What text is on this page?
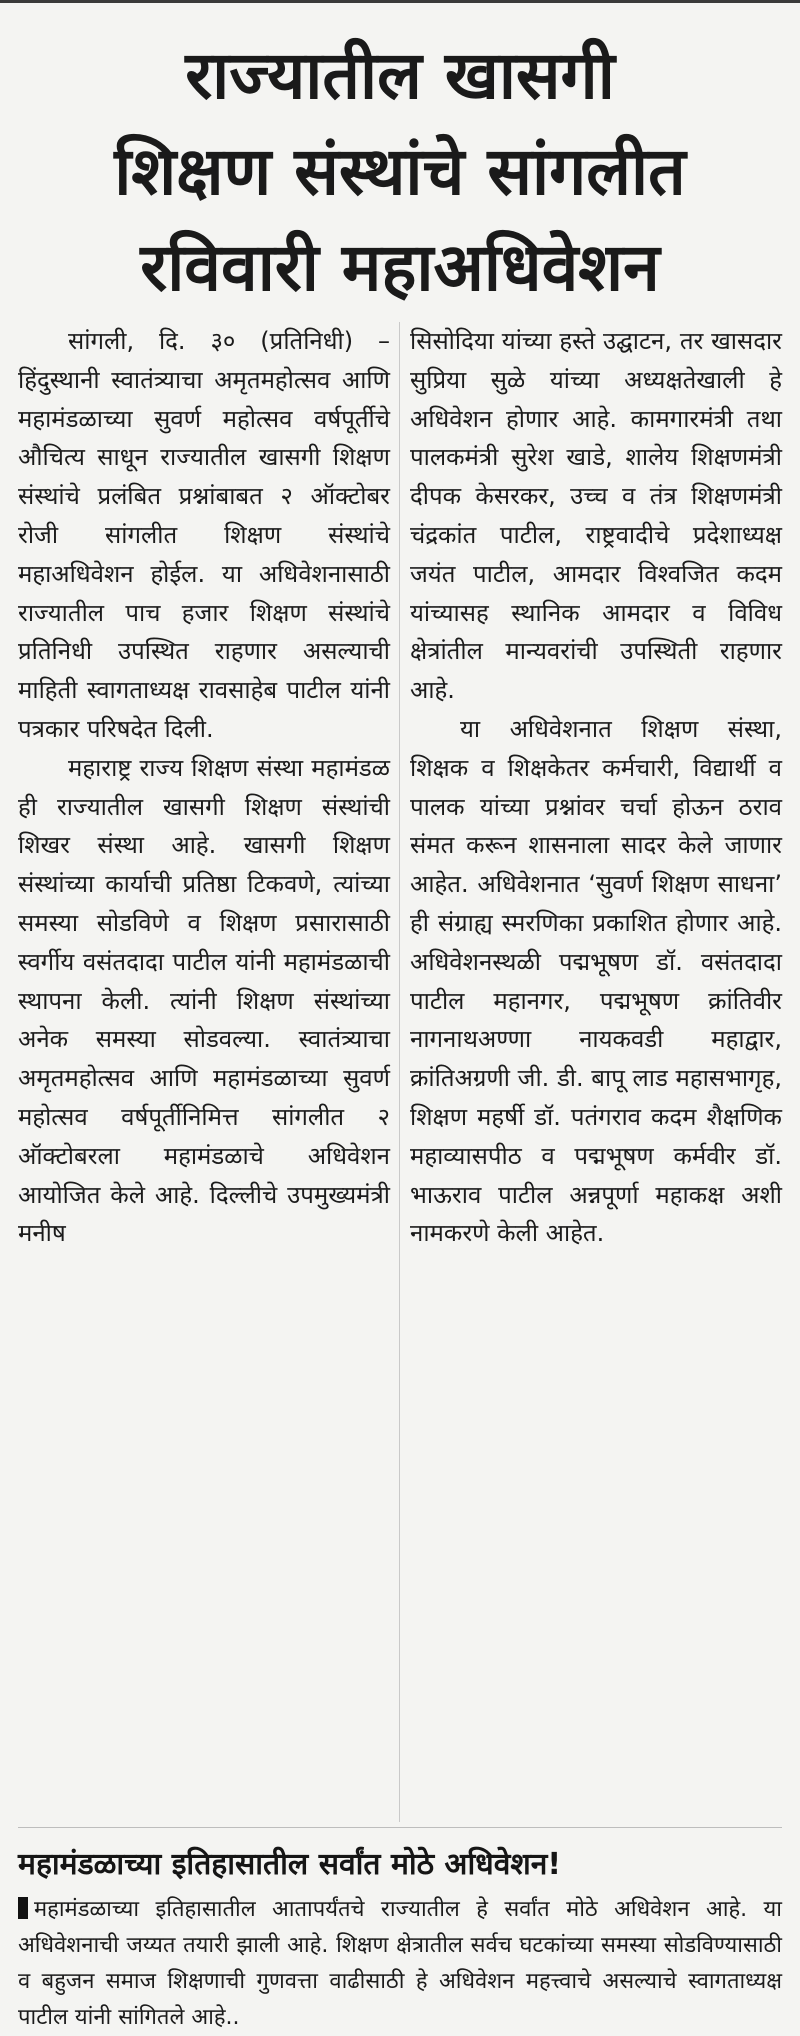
राज्यातील खासगी
शिक्षण संस्थांचे सांगलीत
रविवारी महाअधिवेशन

सांगली, दि. ३० (प्रतिनिधी) – हिंदुस्थानी स्वातंत्र्याचा अमृतमहोत्सव आणि महामंडळाच्या सुवर्ण महोत्सव वर्षपूर्तीचे औचित्य साधून राज्यातील खासगी शिक्षण संस्थांचे प्रलंबित प्रश्नांबाबत २ ऑक्टोबर रोजी सांगलीत शिक्षण संस्थांचे महाअधिवेशन होईल. या अधिवेशनासाठी राज्यातील पाच हजार शिक्षण संस्थांचे प्रतिनिधी उपस्थित राहणार असल्याची माहिती स्वागताध्यक्ष रावसाहेब पाटील यांनी पत्रकार परिषदेत दिली.

महाराष्ट्र राज्य शिक्षण संस्था महामंडळ ही राज्यातील खासगी शिक्षण संस्थांची शिखर संस्था आहे. खासगी शिक्षण संस्थांच्या कार्याची प्रतिष्ठा टिकवणे, त्यांच्या समस्या सोडविणे व शिक्षण प्रसारासाठी स्वर्गीय वसंतदादा पाटील यांनी महामंडळाची स्थापना केली. त्यांनी शिक्षण संस्थांच्या अनेक समस्या सोडवल्या. स्वातंत्र्याचा अमृतमहोत्सव आणि महामंडळाच्या सुवर्ण महोत्सव वर्षपूर्तीनिमित्त सांगलीत २ ऑक्टोबरला महामंडळाचे अधिवेशन आयोजित केले आहे. दिल्लीचे उपमुख्यमंत्री मनीष

सिसोदिया यांच्या हस्ते उद्घाटन, तर खासदार सुप्रिया सुळे यांच्या अध्यक्षतेखाली हे अधिवेशन होणार आहे. कामगारमंत्री तथा पालकमंत्री सुरेश खाडे, शालेय शिक्षणमंत्री दीपक केसरकर, उच्च व तंत्र शिक्षणमंत्री चंद्रकांत पाटील, राष्ट्रवादीचे प्रदेशाध्यक्ष जयंत पाटील, आमदार विश्वजित कदम यांच्यासह स्थानिक आमदार व विविध क्षेत्रांतील मान्यवरांची उपस्थिती राहणार आहे.

या अधिवेशनात शिक्षण संस्था, शिक्षक व शिक्षकेतर कर्मचारी, विद्यार्थी व पालक यांच्या प्रश्नांवर चर्चा होऊन ठराव संमत करून शासनाला सादर केले जाणार आहेत. अधिवेशनात ‘सुवर्ण शिक्षण साधना’ ही संग्राह्य स्मरणिका प्रकाशित होणार आहे. अधिवेशनस्थळी पद्मभूषण डॉ. वसंतदादा पाटील महानगर, पद्मभूषण क्रांतिवीर नागनाथअण्णा नायकवडी महाद्वार, क्रांतिअग्रणी जी. डी. बापू लाड महासभागृह, शिक्षण महर्षी डॉ. पतंगराव कदम शैक्षणिक महाव्यासपीठ व पद्मभूषण कर्मवीर डॉ. भाऊराव पाटील अन्नपूर्णा महाकक्ष अशी नामकरणे केली आहेत.

महामंडळाच्या इतिहासातील सर्वांत मोठे अधिवेशन!
महामंडळाच्या इतिहासातील आतापर्यंतचे राज्यातील हे सर्वांत मोठे अधिवेशन आहे. या अधिवेशनाची जय्यत तयारी झाली आहे. शिक्षण क्षेत्रातील सर्वच घटकांच्या समस्या सोडविण्यासाठी व बहुजन समाज शिक्षणाची गुणवत्ता वाढीसाठी हे अधिवेशन महत्त्वाचे असल्याचे स्वागताध्यक्ष पाटील यांनी सांगितले आहे..
